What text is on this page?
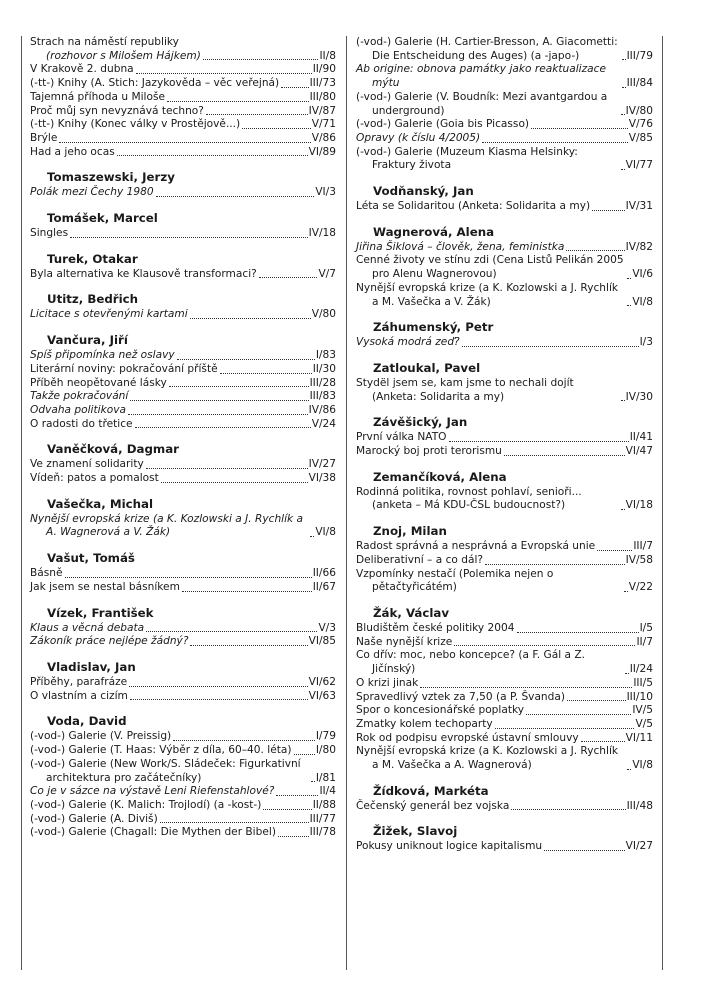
Strach na náměstí republiky
(rozhovor s Milošem Hájkem)	II/8
V Krakově 2. dubna	II/90
(-tt-) Knihy (A. Stich: Jazykověda – věc veřejná)	III/73
Tajemná příhoda u Miloše	III/80
Proč můj syn nevyznává techno?	IV/87
(-tt-) Knihy (Konec války v Prostějově...)	V/71
Brýle	V/86
Had a jeho ocas	VI/89
Tomaszewski, Jerzy
Polák mezi Čechy 1980	VI/3
Tomášek, Marcel
Singles	IV/18
Turek, Otakar
Byla alternativa ke Klausově transformaci?	V/7
Utitz, Bedřich
Licitace s otevřenými kartami	V/80
Vančura, Jiří
Spíš připomínka než oslavy	I/83
Literární noviny: pokračování příště	II/30
Příběh neopětované lásky	III/28
Takže pokračování	III/83
Odvaha politikova	IV/86
O radosti do třetice	V/24
Vaněčková, Dagmar
Ve znamení solidarity	IV/27
Vídeň: patos a pomalost	VI/38
Vašečka, Michal
Nynější evropská krize (a K. Kozlowski a J. Rychlík a A. Wagnerová a V. Žák)	VI/8
Vašut, Tomáš
Básně	II/66
Jak jsem se nestal básníkem	II/67
Vízek, František
Klaus a věcná debata	V/3
Zákoník práce nejlépe žádný?	VI/85
Vladislav, Jan
Příběhy, parafráze	VI/62
O vlastním a cizím	VI/63
Voda, David
(-vod-) Galerie (V. Preissig)	I/79
(-vod-) Galerie (T. Haas: Výběr z díla, 60–40. léta) I/80
(-vod-) Galerie (New Work/S. Sládeček: Figurkativní architektura pro začátečníky)	I/81
Co je v sázce na výstavě Leni Riefenstahlové?	II/4
(-vod-) Galerie (K. Malich: Trojlodí) (a -kost-)	II/88
(-vod-) Galerie (A. Diviš)	III/77
(-vod-) Galerie (Chagall: Die Mythen der Bibel)	III/78
(-vod-) Galerie (H. Cartier-Bresson, A. Giacometti: Die Entscheidung des Auges) (a -japo-)	III/79
Ab origine: obnova památky jako reaktualizace mýtu	III/84
(-vod-) Galerie (V. Boudník: Mezi avantgardou a underground)	IV/80
(-vod-) Galerie (Goia bis Picasso)	V/76
Opravy (k číslu 4/2005)	V/85
(-vod-) Galerie (Muzeum Kiasma Helsinky: Fraktury života	VI/77
Vodňanský, Jan
Léta se Solidaritou (Anketa: Solidarita a my)	IV/31
Wagnerová, Alena
Jiřina Šiklová – člověk, žena, feministka	IV/82
Cenné životy ve stínu zdi (Cena Listů Pelikán 2005 pro Alenu Wagnerovou)	VI/6
Nynější evropská krize (a K. Kozlowski a J. Rychlík a M. Vašečka a V. Žák)	VI/8
Záhumenský, Petr
Vysoká modrá zeď?	I/3
Zatloukal, Pavel
Stydël jsem se, kam jsme to nechali dojít (Anketa: Solidarita a my)	IV/30
Závěšický, Jan
První válka NATO	II/41
Marocký boj proti terorismu	VI/47
Zemančíková, Alena
Rodinná politika, rovnost pohlaví, senioři... (anketa – Má KDU-ČSL budoucnost?)	VI/18
Znoj, Milan
Radost správná a nesprávná a Evropská unie	III/7
Deliberativní – a co dál?	IV/58
Vzpomínky nestačí (Polemika nejen o pětačtyřicátém)	V/22
Žák, Václav
Bludištěm české politiky 2004	I/5
Naše nynější krize	II/7
Co dřív: moc, nebo koncepce? (a F. Gál a Z. Jičínský)	II/24
O krizi jinak	III/5
Spravedlivý vztek za 7,50 (a P. Švanda)	III/10
Spor o koncesionářské poplatky	IV/5
Zmatky kolem techoparty	V/5
Rok od podpisu evropské ústavní smlouvy	VI/11
Nynější evropská krize (a K. Kozlowski a J. Rychlík a M. Vašečka a A. Wagnerová)	VI/8
Žídková, Markéta
Čečenský generál bez vojska	III/48
Žižek, Slavoj
Pokusy uniknout logice kapitalismu	VI/27
